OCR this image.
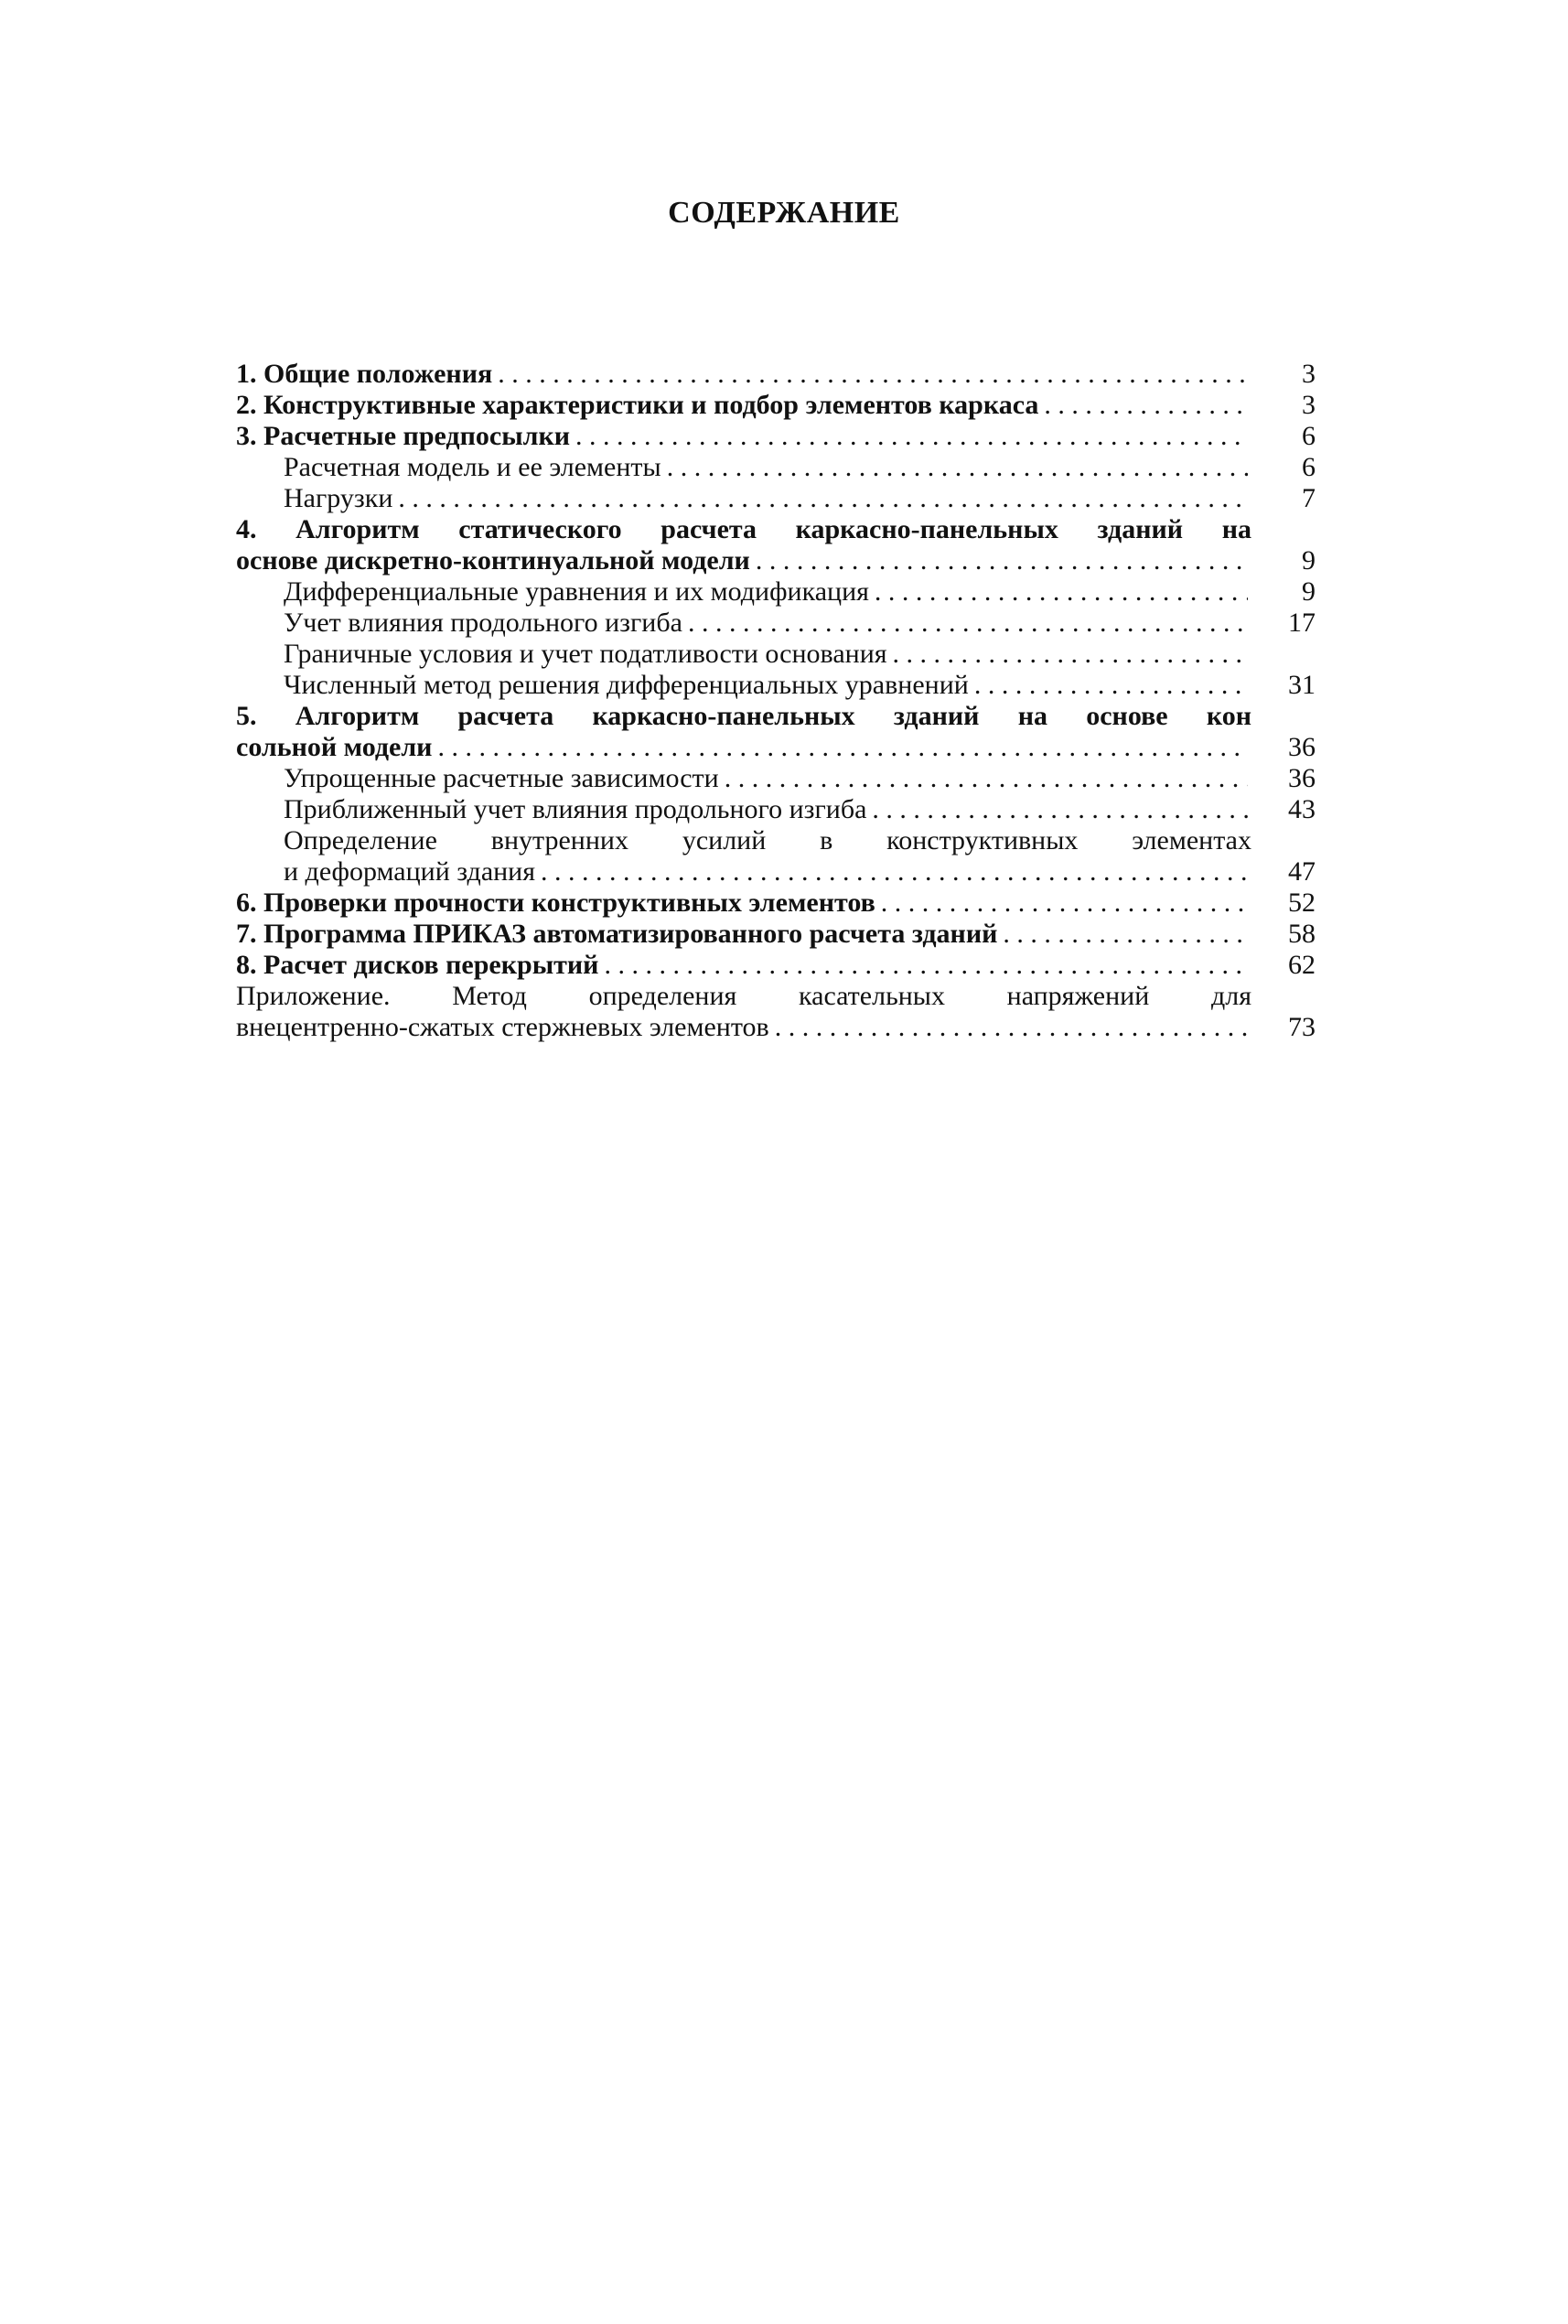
СОДЕРЖАНИЕ
1. Общие положения . . .	3
2. Конструктивные характеристики и подбор элементов каркаса . . .	3
3. Расчетные предпосылки . . .	6
Расчетная модель и ее элементы . . .	6
Нагрузки . . .	7
4. Алгоритм статического расчета каркасно-панельных зданий на
основе дискретно-континуальной модели . . .	9
Дифференциальные уравнения и их модификация . . .	9
Учет влияния продольного изгиба . . .	17
Граничные условия и учет податливости основания
. . .
Численный метод решения дифференциальных уравнений . . .	31
5. Алгоритм расчета каркасно-панельных зданий на основе кон
сольной модели . . .	36
Упрощенные расчетные зависимости . . .	36
Приближенный учет влияния продольного изгиба . . .	43
Определение внутренних усилий в конструктивных элементах
и деформаций здания . . .	47
6. Проверки прочности конструктивных элементов . . .	52
7. Программа ПРИКАЗ автоматизированного расчета зданий . . .	58
8. Расчет дисков перекрытий . . .	62
Приложение. Метод определения касательных напряжений для
внецентренно-сжатых стержневых элементов . . .	73
